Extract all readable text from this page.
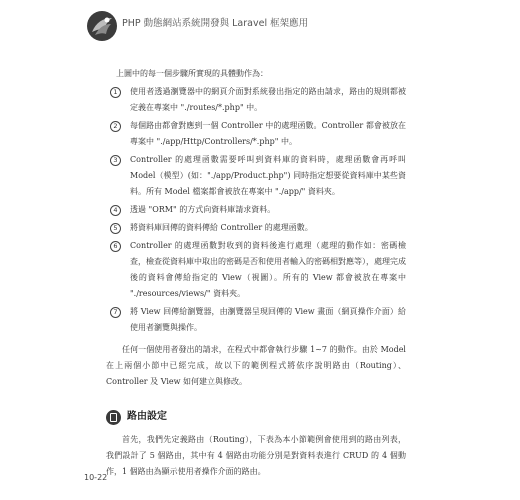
PHP 動態網站系統開發與 Laravel 框架應用

上圖中的每一個步驟所實現的具體動作為：

1	使用者透過瀏覽器中的網頁介面對系統發出指定的路由請求，路由的規則都被定義在專案中 "./routes/*.php" 中。
2	每個路由都會對應到一個 Controller 中的處理函數。Controller 都會被放在專案中 "./app/Http/Controllers/*.php" 中。
3	Controller 的處理函數需要呼叫到資料庫的資料時，處理函數會再呼叫 Model（模型）(如："./app/Product.php") 同時指定想要從資料庫中某些資料。所有 Model 檔案都會被放在專案中 "./app/" 資料夾。
4	透過 "ORM" 的方式向資料庫請求資料。
5	將資料庫回傳的資料傳給 Controller 的處理函數。
6	Controller 的處理函數對收到的資料後進行處理（處理的動作如：密碼檢查，檢查從資料庫中取出的密碼是否和使用者輸入的密碼相對應等），處理完成後的資料會傳給指定的 View（視圖）。所有的 View 都會被放在專案中 "./resources/views/" 資料夾。
7	將 View 回傳給瀏覽器，由瀏覽器呈現回傳的 View 畫面（網頁操作介面）給使用者瀏覽與操作。

任何一個使用者發出的請求，在程式中都會執行步驟 1~7 的動作。由於 Model 在上兩個小節中已經完成，故以下的範例程式將依序說明路由（Routing）、Controller 及 View 如何建立與修改。

路由設定

首先，我們先定義路由（Routing），下表為本小節範例會使用到的路由列表，我們設計了 5 個路由，其中有 4 個路由功能分別是對資料表進行 CRUD 的 4 個動作，1 個路由為顯示使用者操作介面的路由。

10-22
